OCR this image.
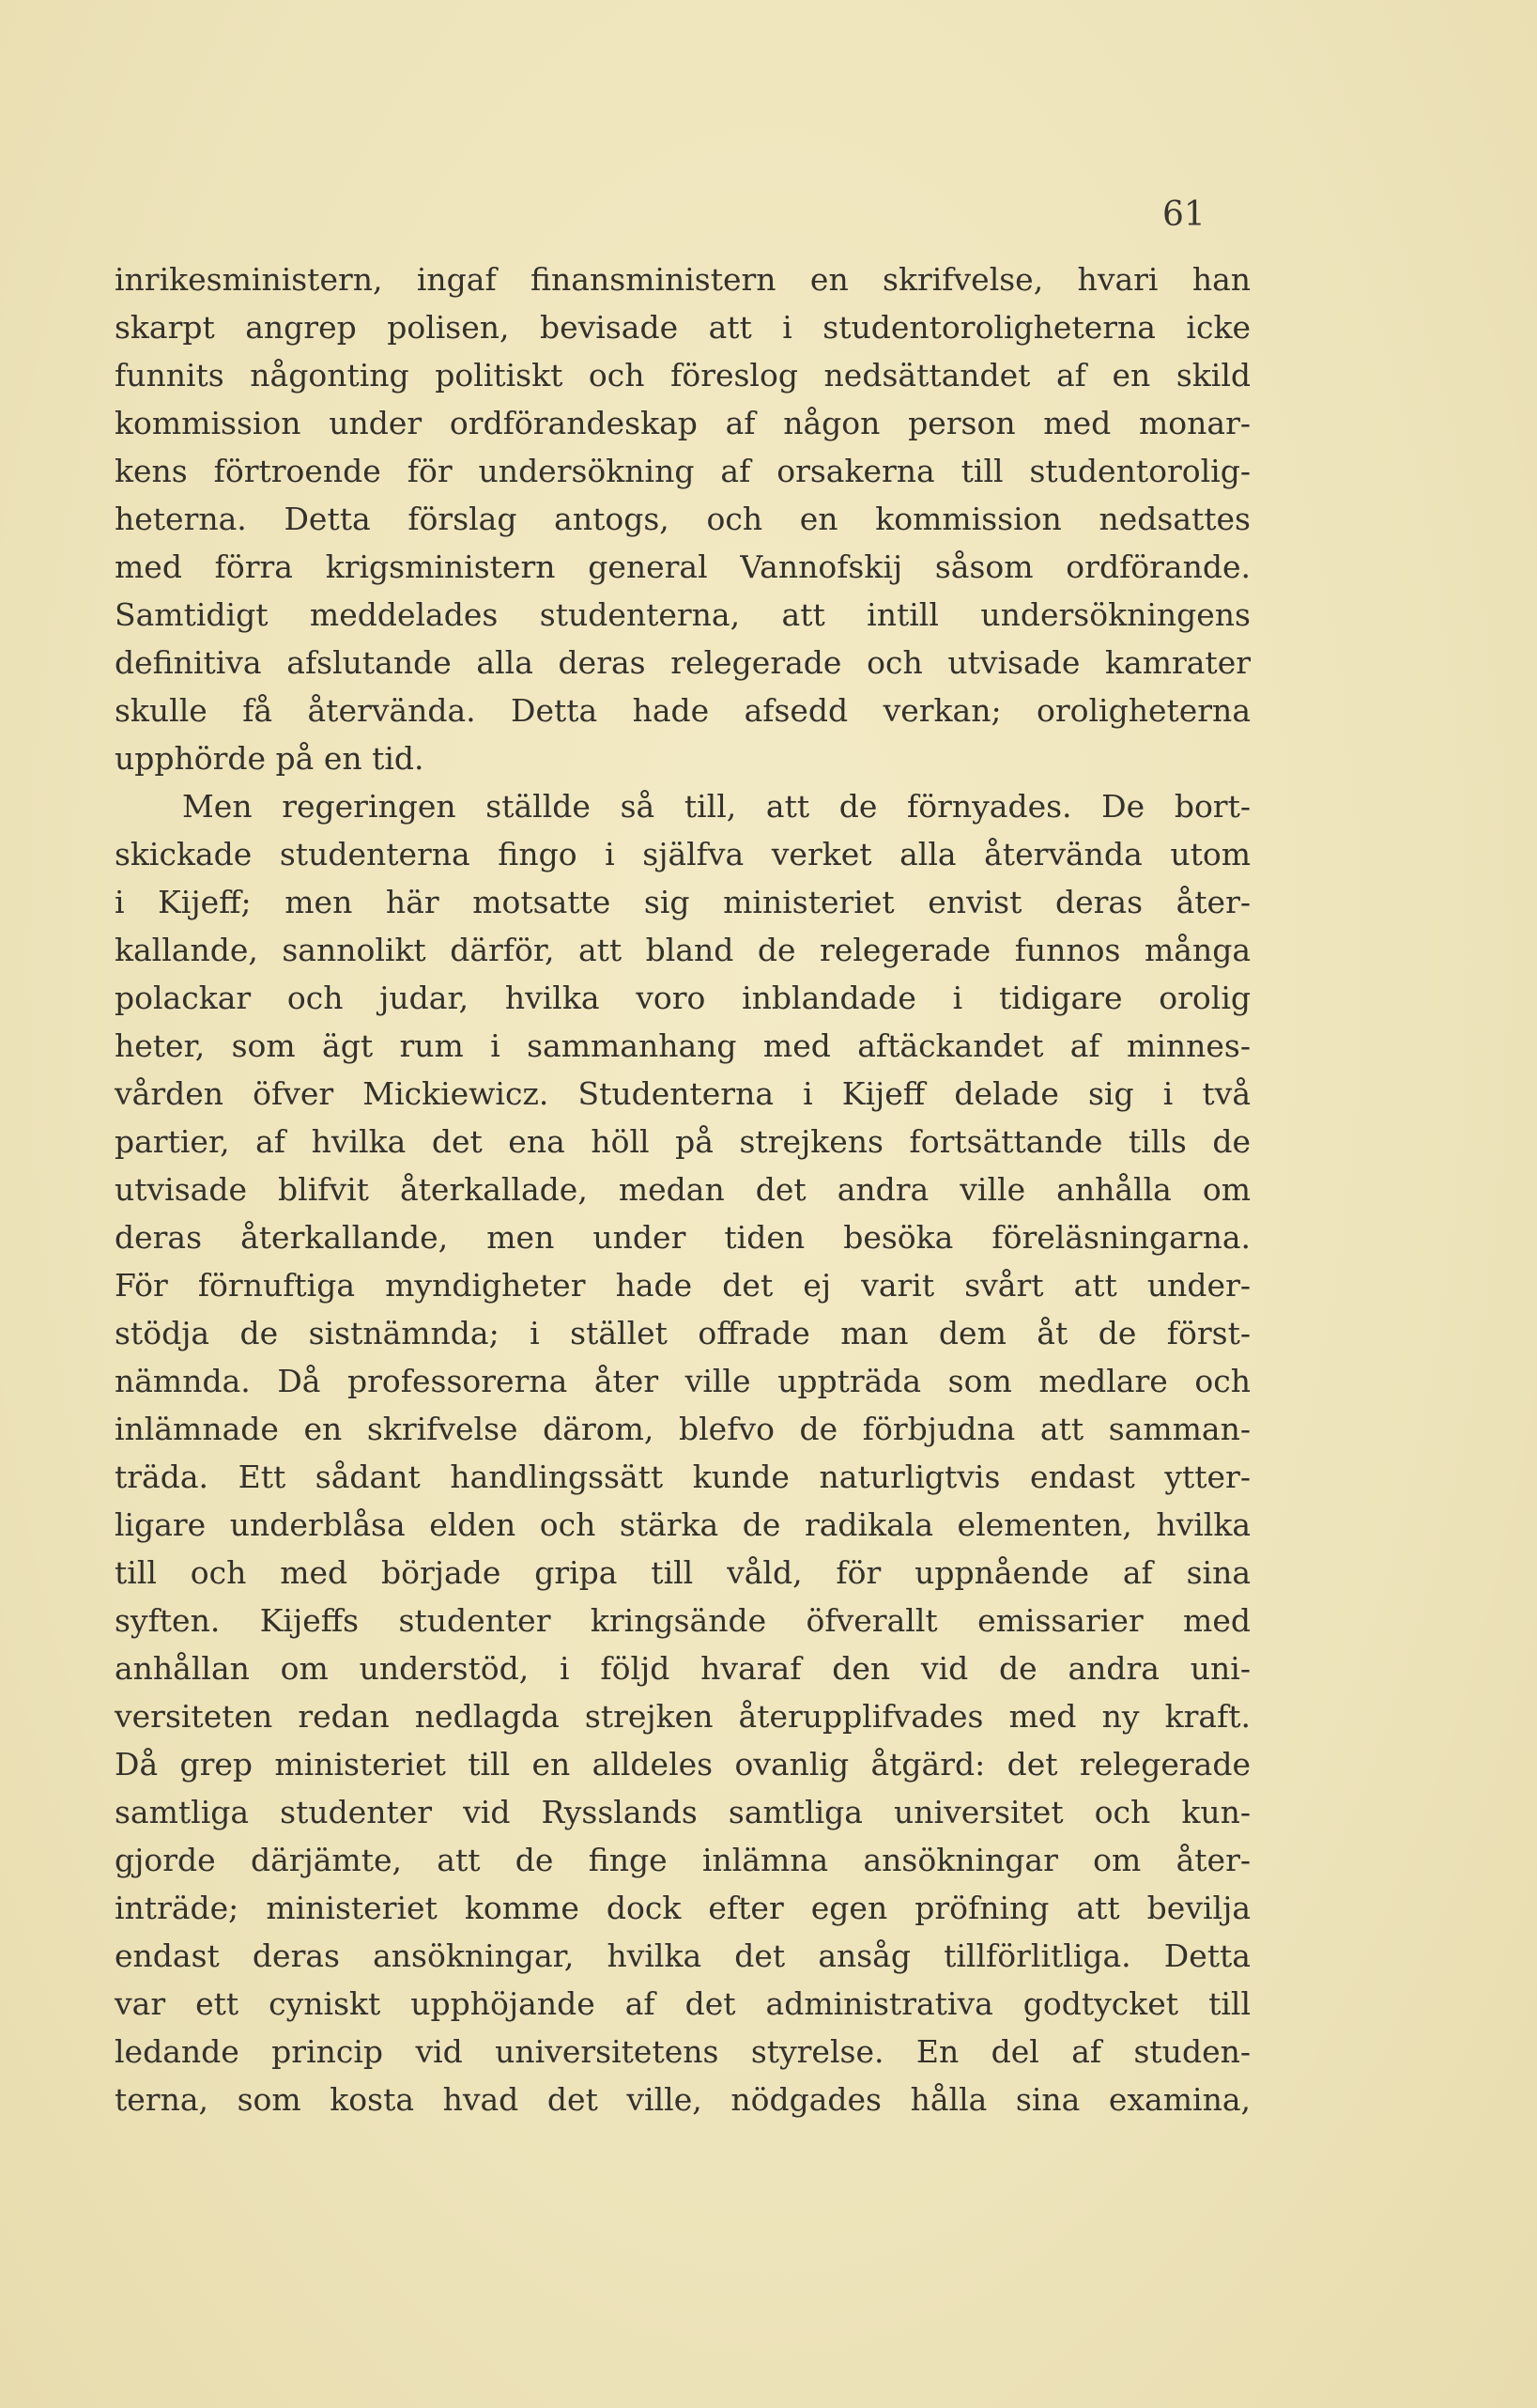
61
inrikesministern, ingaf finansministern en skrifvelse, hvari han
skarpt angrep polisen, bevisade att i studentoroligheterna icke
funnits någonting politiskt och föreslog nedsättandet af en skild
kommission under ordförandeskap af någon person med monar-
kens förtroende för undersökning af orsakerna till studentorolig-
heterna. Detta förslag antogs, och en kommission nedsattes
med förra krigsministern general Vannofskij såsom ordförande.
Samtidigt meddelades studenterna, att intill undersökningens
definitiva afslutande alla deras relegerade och utvisade kamrater
skulle få återvända. Detta hade afsedd verkan; oroligheterna
upphörde på en tid.
Men regeringen ställde så till, att de förnyades. De bort-
skickade studenterna fingo i själfva verket alla återvända utom
i Kijeff; men här motsatte sig ministeriet envist deras åter-
kallande, sannolikt därför, att bland de relegerade funnos många
polackar och judar, hvilka voro inblandade i tidigare orolig
heter, som ägt rum i sammanhang med aftäckandet af minnes-
vården öfver Mickiewicz. Studenterna i Kijeff delade sig i två
partier, af hvilka det ena höll på strejkens fortsättande tills de
utvisade blifvit återkallade, medan det andra ville anhålla om
deras återkallande, men under tiden besöka föreläsningarna.
För förnuftiga myndigheter hade det ej varit svårt att under-
stödja de sistnämnda; i stället offrade man dem åt de först-
nämnda. Då professorerna åter ville uppträda som medlare och
inlämnade en skrifvelse därom, blefvo de förbjudna att samman-
träda. Ett sådant handlingssätt kunde naturligtvis endast ytter-
ligare underblåsa elden och stärka de radikala elementen, hvilka
till och med började gripa till våld, för uppnående af sina
syften. Kijeffs studenter kringsände öfverallt emissarier med
anhållan om understöd, i följd hvaraf den vid de andra uni-
versiteten redan nedlagda strejken återupplifvades med ny kraft.
Då grep ministeriet till en alldeles ovanlig åtgärd: det relegerade
samtliga studenter vid Rysslands samtliga universitet och kun-
gjorde därjämte, att de finge inlämna ansökningar om åter-
inträde; ministeriet komme dock efter egen pröfning att bevilja
endast deras ansökningar, hvilka det ansåg tillförlitliga. Detta
var ett cyniskt upphöjande af det administrativa godtycket till
ledande princip vid universitetens styrelse. En del af studen-
terna, som kosta hvad det ville, nödgades hålla sina examina,
